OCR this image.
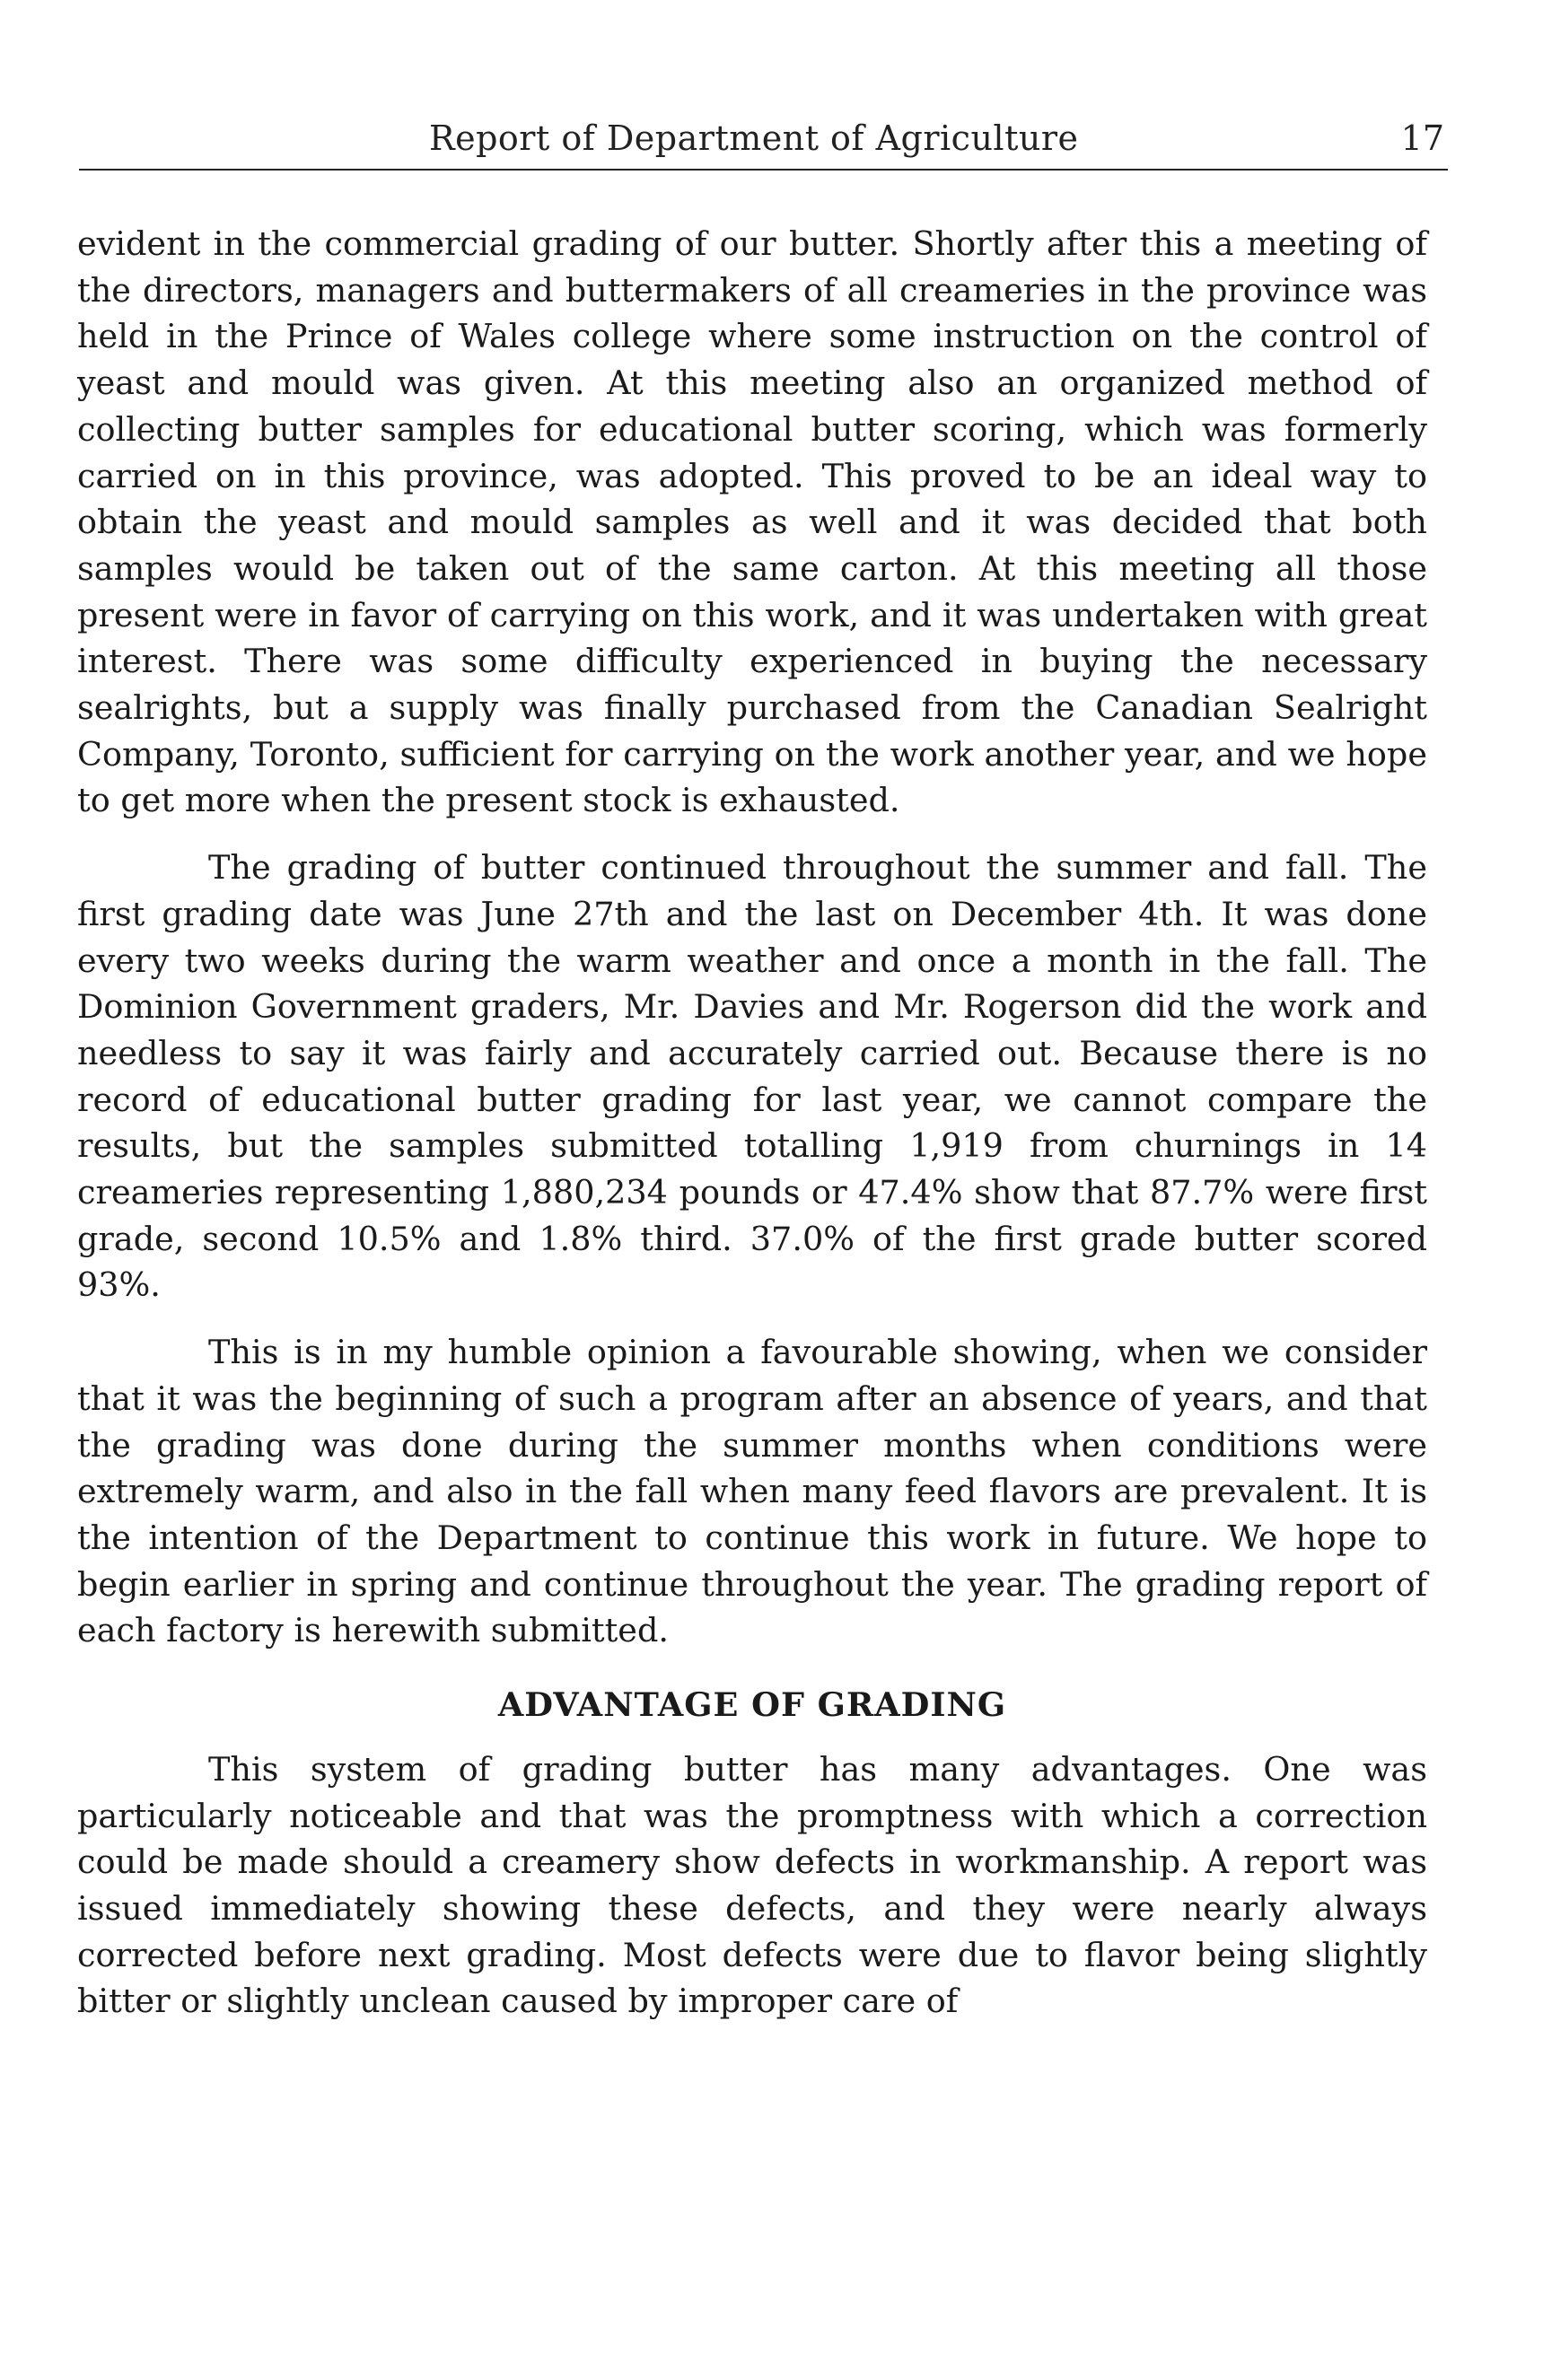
Report of Department of Agriculture	17

evident in the commercial grading of our butter. Shortly after this a meeting of the directors, managers and buttermakers of all creameries in the province was held in the Prince of Wales college where some instruction on the control of yeast and mould was given. At this meeting also an organized method of collecting butter samples for educational butter scoring, which was formerly carried on in this province, was adopted. This proved to be an ideal way to obtain the yeast and mould samples as well and it was decided that both samples would be taken out of the same carton. At this meeting all those present were in favor of carrying on this work, and it was undertaken with great interest. There was some difficulty experienced in buying the necessary sealrights, but a supply was finally purchased from the Canadian Sealright Company, Toronto, sufficient for carrying on the work another year, and we hope to get more when the present stock is exhausted.

The grading of butter continued throughout the summer and fall. The first grading date was June 27th and the last on December 4th. It was done every two weeks during the warm weather and once a month in the fall. The Dominion Government graders, Mr. Davies and Mr. Rogerson did the work and needless to say it was fairly and accurately carried out. Because there is no record of educational butter grading for last year, we cannot compare the results, but the samples submitted totalling 1,919 from churnings in 14 creameries representing 1,880,234 pounds or 47.4% show that 87.7% were first grade, second 10.5% and 1.8% third. 37.0% of the first grade butter scored 93%.

This is in my humble opinion a favourable showing, when we consider that it was the beginning of such a program after an absence of years, and that the grading was done during the summer months when conditions were extremely warm, and also in the fall when many feed flavors are prevalent. It is the intention of the Department to continue this work in future. We hope to begin earlier in spring and continue throughout the year. The grading report of each factory is herewith submitted.

ADVANTAGE OF GRADING

This system of grading butter has many advantages. One was particularly noticeable and that was the promptness with which a correction could be made should a creamery show defects in workmanship. A report was issued immediately showing these defects, and they were nearly always corrected before next grading. Most defects were due to flavor being slightly bitter or slightly unclean caused by improper care of
